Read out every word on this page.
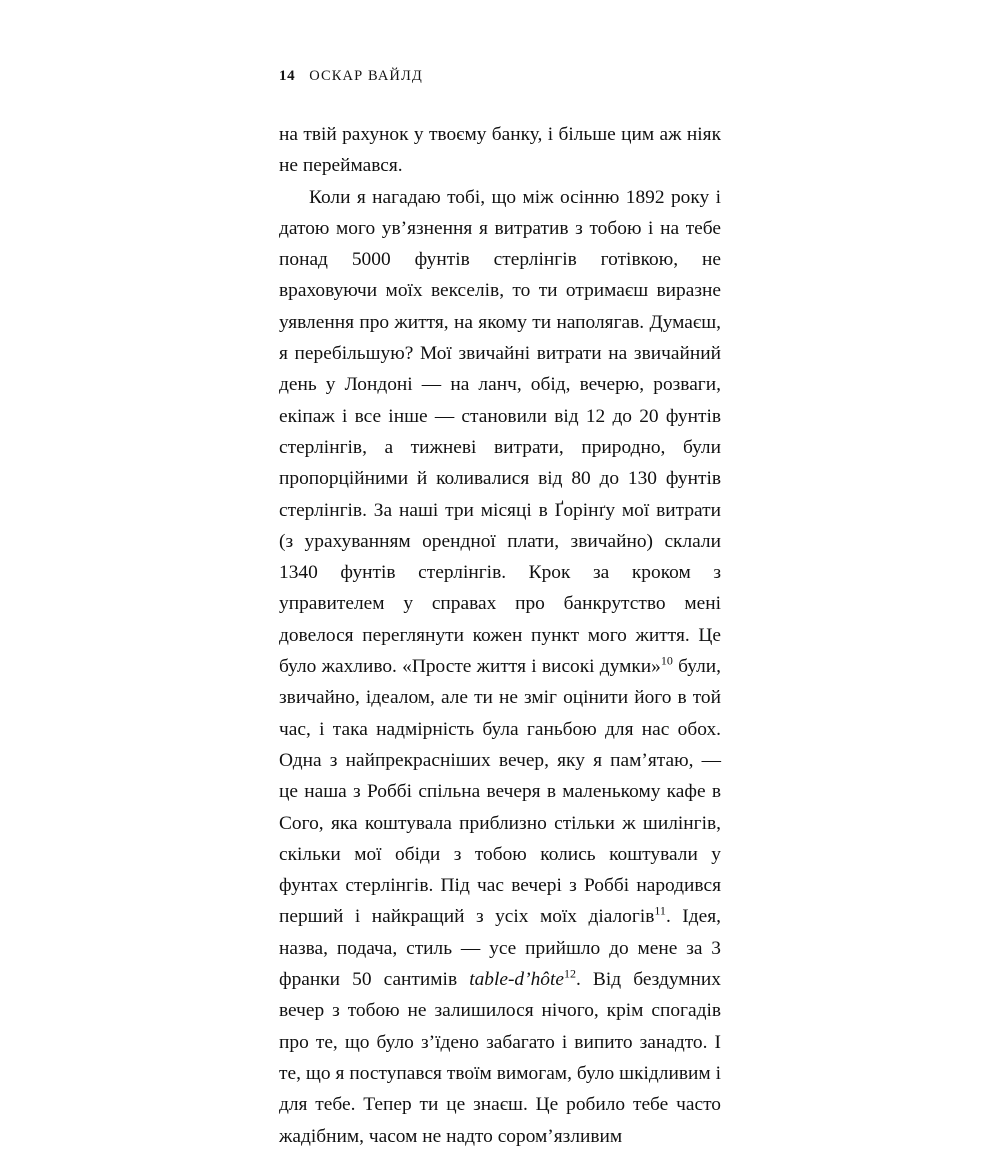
14 ОСКАР ВАЙЛД

на твій рахунок у твоєму банку, і більше цим аж ніяк не переймався.

Коли я нагадаю тобі, що між осінню 1892 року і датою мого ув’язнення я витратив з тобою і на тебе понад 5000 фунтів стерлінгів готівкою, не враховуючи моїх векселів, то ти отримаєш виразне уявлення про життя, на якому ти наполягав. Думаєш, я перебільшую? Мої звичайні витрати на звичайний день у Лондоні — на ланч, обід, вечерю, розваги, екіпаж і все інше — становили від 12 до 20 фунтів стерлінгів, а тижневі витрати, природно, були пропорційними й коливалися від 80 до 130 фунтів стерлінгів. За наші три місяці в Ґорінґу мої витрати (з урахуванням орендної плати, звичайно) склали 1340 фунтів стерлінгів. Крок за кроком з управителем у справах про банкрутство мені довелося переглянути кожен пункт мого життя. Це було жахливо. «Просте життя і високі думки»$^{10}$ були, звичайно, ідеалом, але ти не зміг оцінити його в той час, і така надмірність була ганьбою для нас обох. Одна з найпрекрасніших вечер, яку я пам’ятаю, — це наша з Роббі спільна вечеря в маленькому кафе в Сого, яка коштувала приблизно стільки ж шилінгів, скільки мої обіди з тобою колись коштували у фунтах стерлінгів. Під час вечері з Роббі народився перший і найкращий з усіх моїх діалогів$^{11}$. Ідея, назва, подача, стиль — усе прийшло до мене за 3 франки 50 сантимів table-d’hôte$^{12}$. Від бездумних вечер з тобою не залишилося нічого, крім спогадів про те, що було з’їдено забагато і випито занадто. І те, що я поступався твоїм вимогам, було шкідливим і для тебе. Тепер ти це знаєш. Це робило тебе часто жадібним, часом не надто сором’язливим
